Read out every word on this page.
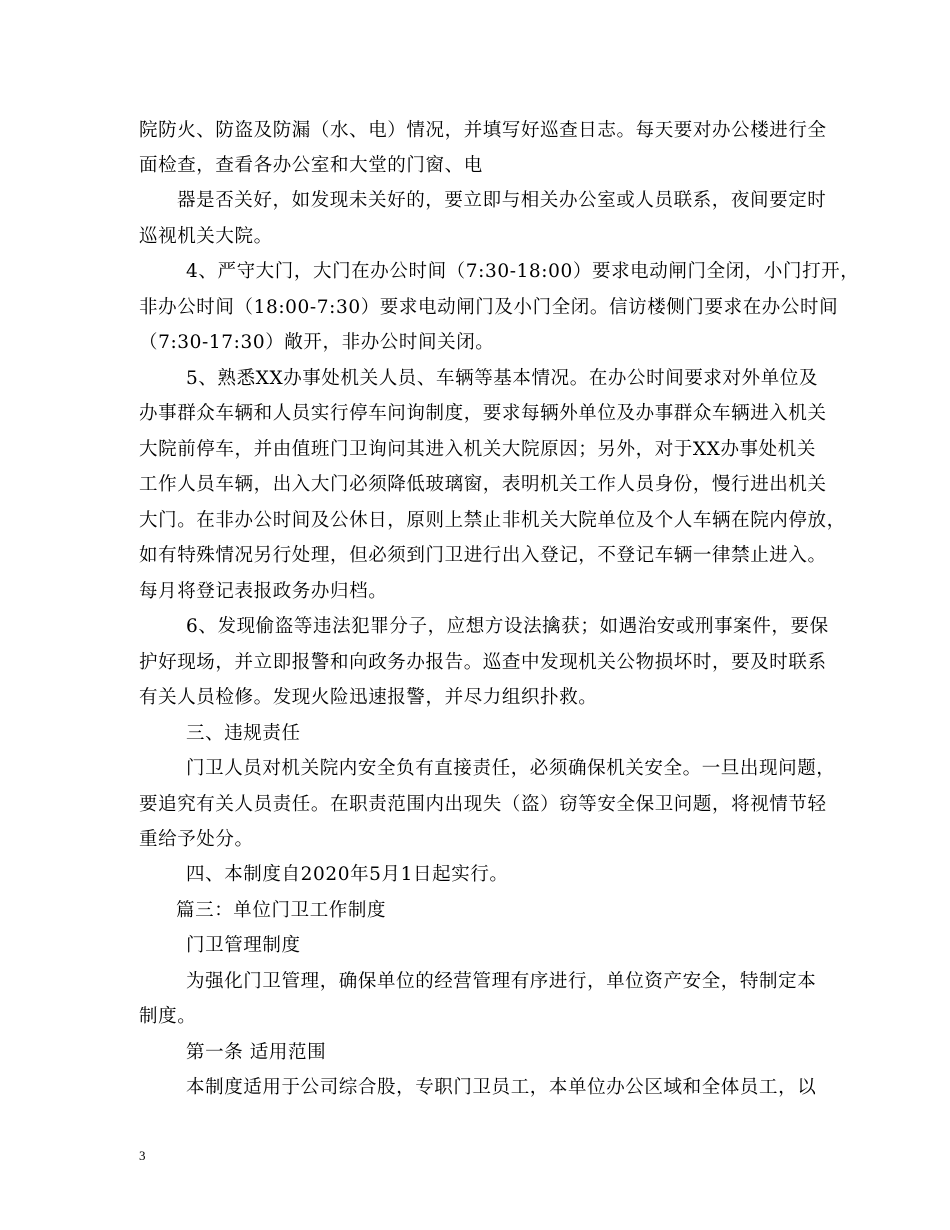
院防火、防盗及防漏（水、电）情况，并填写好巡查日志。每天要对办公楼进行全
面检查，查看各办公室和大堂的门窗、电
器是否关好，如发现未关好的，要立即与相关办公室或人员联系，夜间要定时
巡视机关大院。
4、严守大门，大门在办公时间（7:30-18:00）要求电动闸门全闭，小门打开，
非办公时间（18:00-7:30）要求电动闸门及小门全闭。信访楼侧门要求在办公时间
（7:30-17:30）敞开，非办公时间关闭。
5、熟悉XX办事处机关人员、车辆等基本情况。在办公时间要求对外单位及
办事群众车辆和人员实行停车问询制度，要求每辆外单位及办事群众车辆进入机关
大院前停车，并由值班门卫询问其进入机关大院原因；另外，对于XX办事处机关
工作人员车辆，出入大门必须降低玻璃窗，表明机关工作人员身份，慢行进出机关
大门。在非办公时间及公休日，原则上禁止非机关大院单位及个人车辆在院内停放，
如有特殊情况另行处理，但必须到门卫进行出入登记，不登记车辆一律禁止进入。
每月将登记表报政务办归档。
6、发现偷盗等违法犯罪分子，应想方设法擒获；如遇治安或刑事案件，要保
护好现场，并立即报警和向政务办报告。巡查中发现机关公物损坏时，要及时联系
有关人员检修。发现火险迅速报警，并尽力组织扑救。
三、违规责任
门卫人员对机关院内安全负有直接责任，必须确保机关安全。一旦出现问题，
要追究有关人员责任。在职责范围内出现失（盗）窃等安全保卫问题，将视情节轻
重给予处分。
四、本制度自2020年5月1日起实行。
篇三：单位门卫工作制度
门卫管理制度
为强化门卫管理，确保单位的经营管理有序进行，单位资产安全，特制定本
制度。
第一条 适用范围
本制度适用于公司综合股，专职门卫员工，本单位办公区域和全体员工，以
3
